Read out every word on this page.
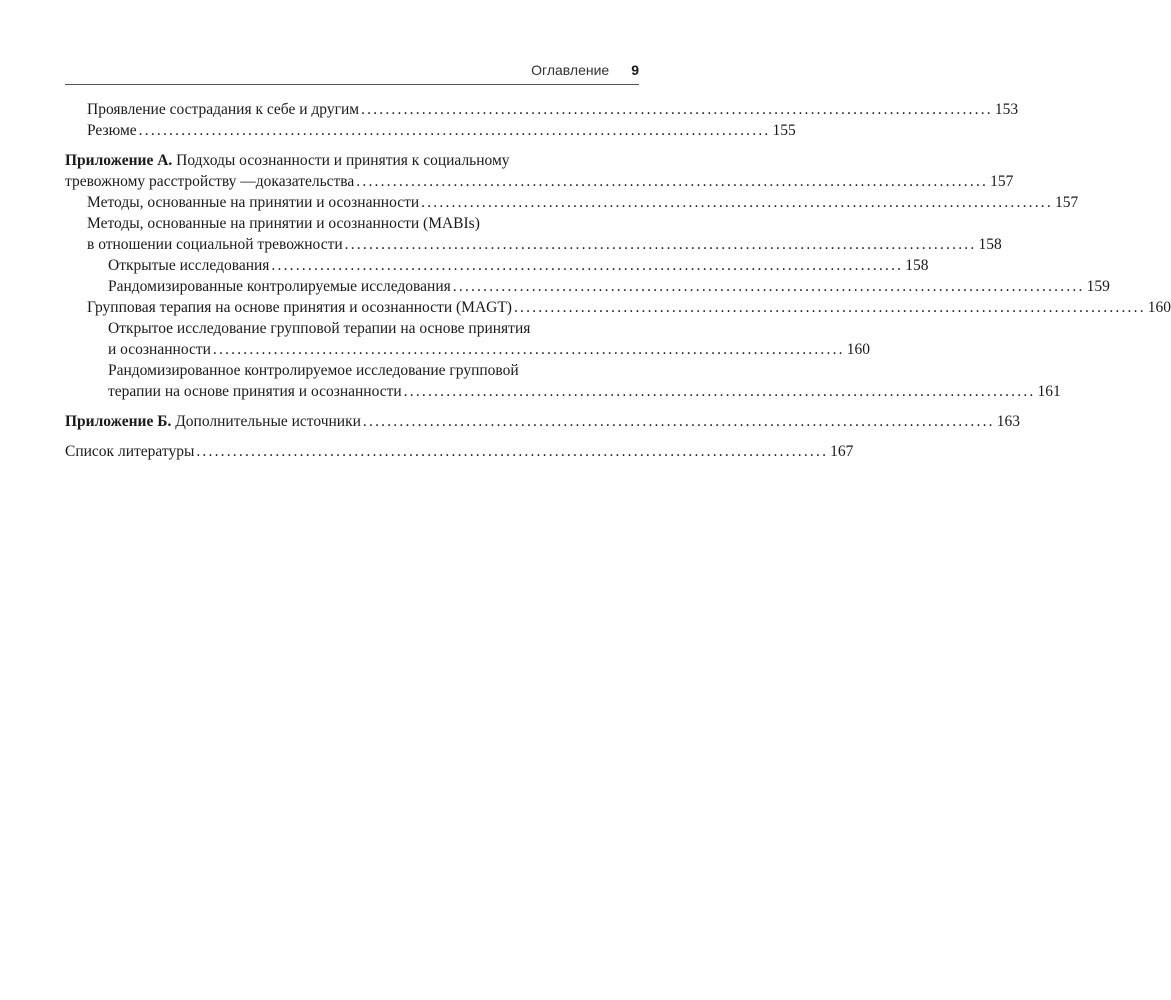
Оглавление 9
Проявление сострадания к себе и другим ........................................................................................................ 153
Резюме ........................................................................................................ 155
Приложение А. Подходы осознанности и принятия к социальному
тревожному расстройству —доказательства ........................................................................................................ 157
Методы, основанные на принятии и осознанности ........................................................................................................ 157
Методы, основанные на принятии и осознанности (MABIs)
в отношении социальной тревожности ........................................................................................................ 158
Открытые исследования ........................................................................................................ 158
Рандомизированные контролируемые исследования ........................................................................................................ 159
Групповая терапия на основе принятия и осознанности (MAGT) ........................................................................................................ 160
Открытое исследование групповой терапии на основе принятия
и осознанности ........................................................................................................ 160
Рандомизированное контролируемое исследование групповой
терапии на основе принятия и осознанности ........................................................................................................ 161
Приложение Б. Дополнительные источники ........................................................................................................ 163
Список литературы ........................................................................................................ 167
